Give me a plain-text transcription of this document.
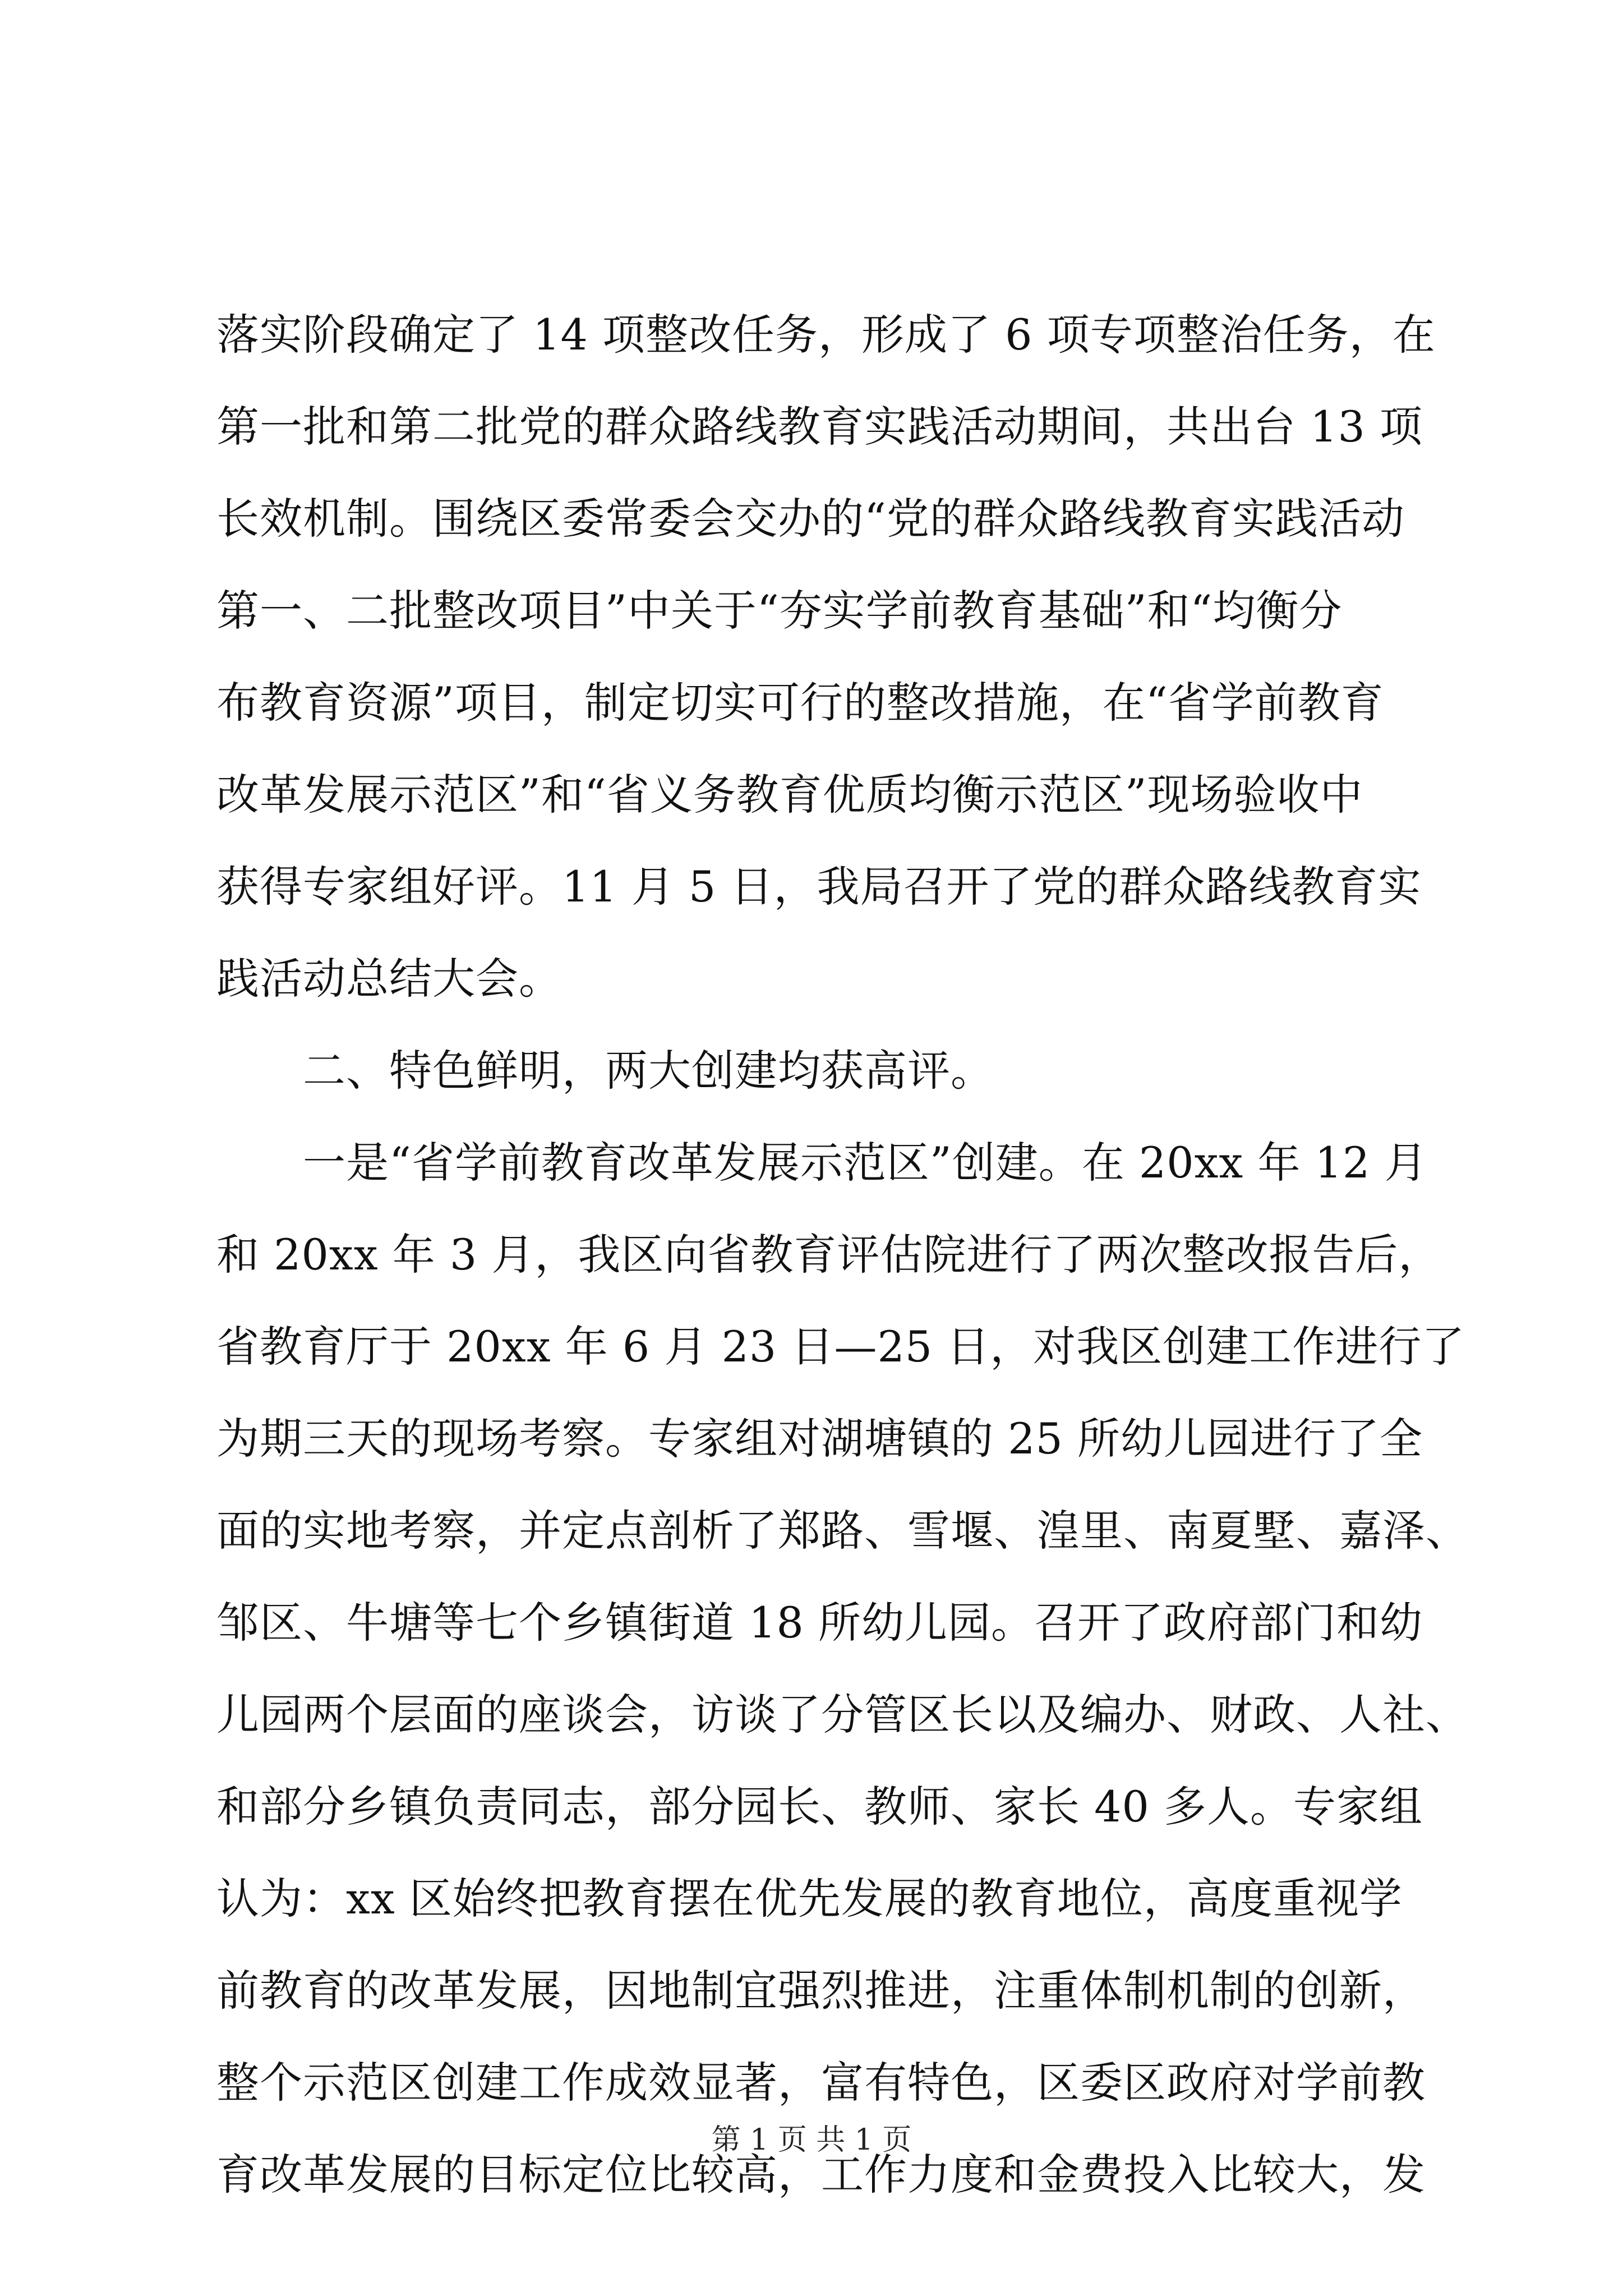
落实阶段确定了 14 项整改任务，形成了 6 项专项整治任务，在
第一批和第二批党的群众路线教育实践活动期间，共出台 13 项
长效机制。围绕区委常委会交办的“党的群众路线教育实践活动
第一、二批整改项目”中关于“夯实学前教育基础”和“均衡分
布教育资源”项目，制定切实可行的整改措施，在“省学前教育
改革发展示范区”和“省义务教育优质均衡示范区”现场验收中
获得专家组好评。11 月 5 日，我局召开了党的群众路线教育实
践活动总结大会。
　　二、特色鲜明，两大创建均获高评。
　　一是“省学前教育改革发展示范区”创建。在 20xx 年 12 月
和 20xx 年 3 月，我区向省教育评估院进行了两次整改报告后，
省教育厅于 20xx 年 6 月 23 日—25 日，对我区创建工作进行了
为期三天的现场考察。专家组对湖塘镇的 25 所幼儿园进行了全
面的实地考察，并定点剖析了郑路、雪堰、湟里、南夏墅、嘉泽、
邹区、牛塘等七个乡镇街道 18 所幼儿园。召开了政府部门和幼
儿园两个层面的座谈会，访谈了分管区长以及编办、财政、人社、
和部分乡镇负责同志，部分园长、教师、家长 40 多人。专家组
认为：xx 区始终把教育摆在优先发展的教育地位，高度重视学
前教育的改革发展，因地制宜强烈推进，注重体制机制的创新，
整个示范区创建工作成效显著，富有特色，区委区政府对学前教
育改革发展的目标定位比较高，工作力度和金费投入比较大，发
第 1 页 共 1 页
